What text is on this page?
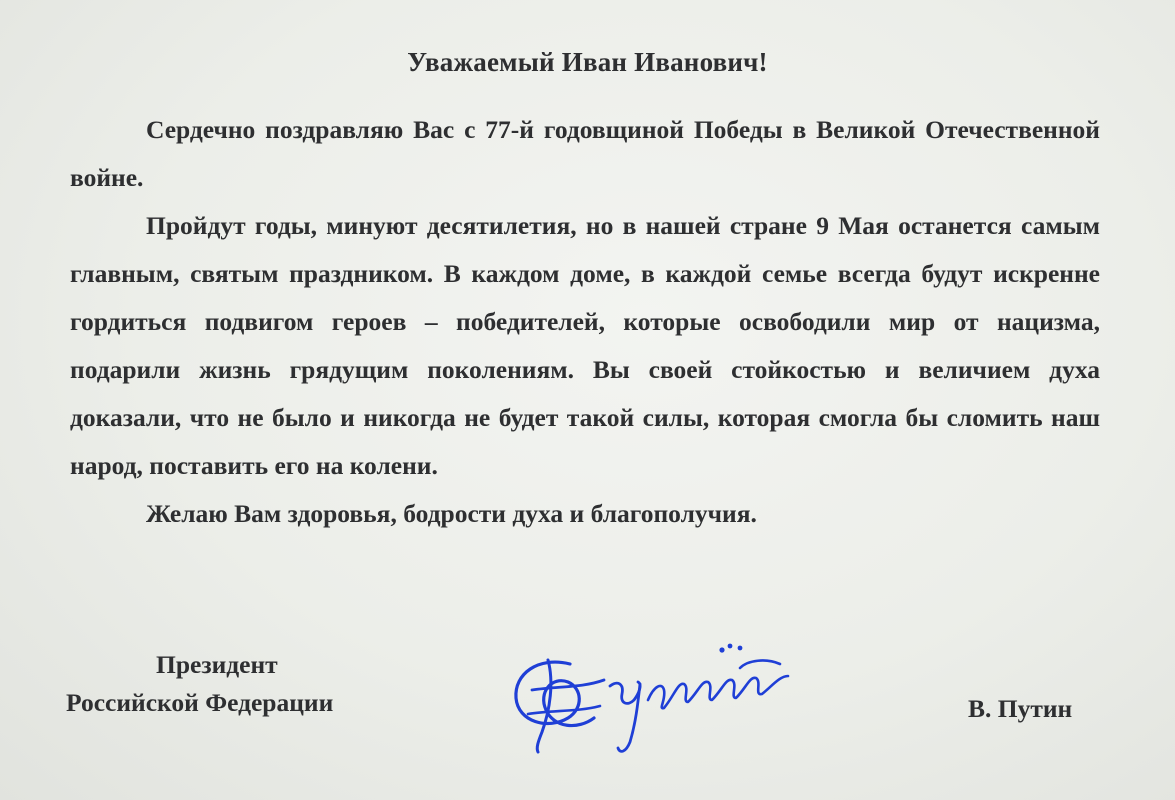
Уважаемый Иван Иванович!

Сердечно поздравляю Вас с 77-й годовщиной Победы в Великой Отечественной войне.

Пройдут годы, минуют десятилетия, но в нашей стране 9 Мая останется самым главным, святым праздником. В каждом доме, в каждой семье всегда будут искренне гордиться подвигом героев – победителей, которые освободили мир от нацизма, подарили жизнь грядущим поколениям. Вы своей стойкостью и величием духа доказали, что не было и никогда не будет такой силы, которая смогла бы сломить наш народ, поставить его на колени.

Желаю Вам здоровья, бодрости духа и благополучия.

Президент
Российской Федерации	В. Путин
